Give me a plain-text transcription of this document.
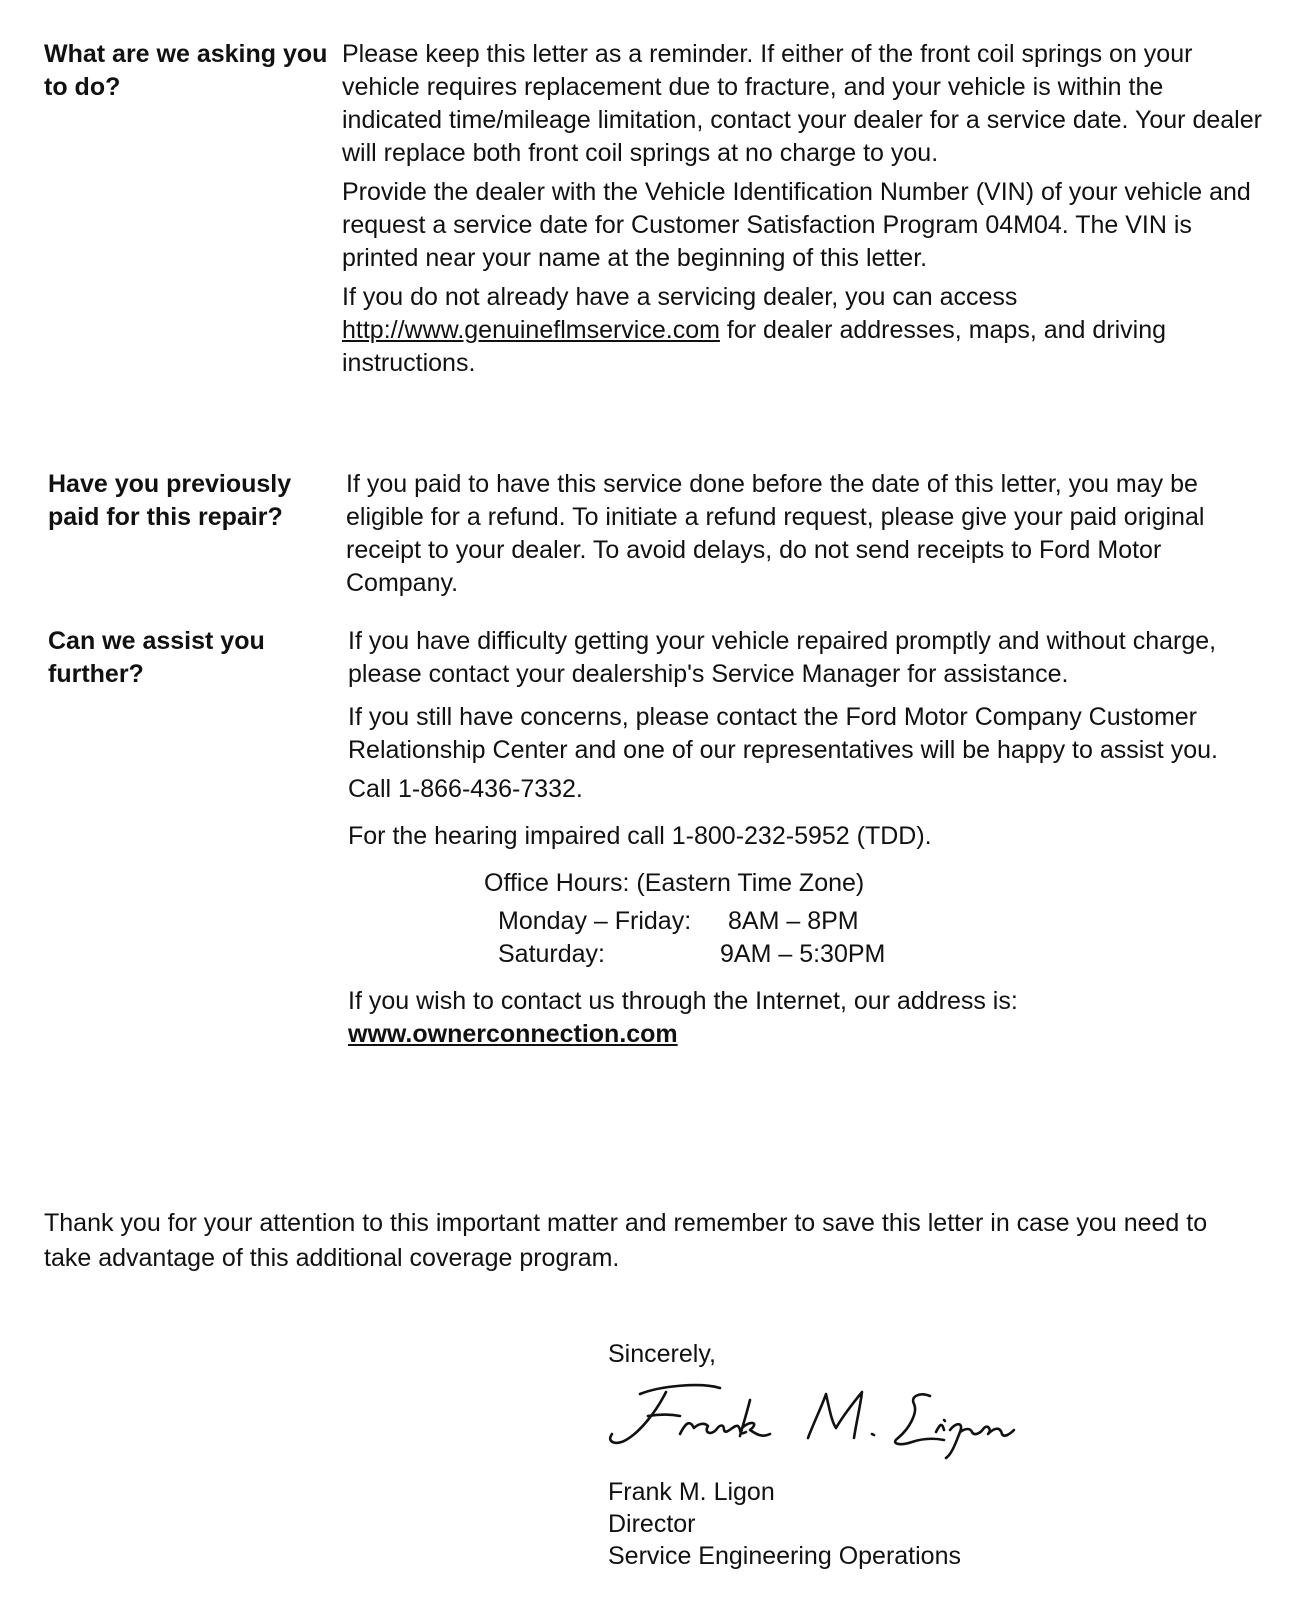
What are we asking you to do?

Please keep this letter as a reminder. If either of the front coil springs on your vehicle requires replacement due to fracture, and your vehicle is within the indicated time/mileage limitation, contact your dealer for a service date. Your dealer will replace both front coil springs at no charge to you.

Provide the dealer with the Vehicle Identification Number (VIN) of your vehicle and request a service date for Customer Satisfaction Program 04M04. The VIN is printed near your name at the beginning of this letter.

If you do not already have a servicing dealer, you can access http://www.genuineflmservice.com for dealer addresses, maps, and driving instructions.

Have you previously paid for this repair?

If you paid to have this service done before the date of this letter, you may be eligible for a refund. To initiate a refund request, please give your paid original receipt to your dealer. To avoid delays, do not send receipts to Ford Motor Company.

Can we assist you further?

If you have difficulty getting your vehicle repaired promptly and without charge, please contact your dealership's Service Manager for assistance.

If you still have concerns, please contact the Ford Motor Company Customer Relationship Center and one of our representatives will be happy to assist you.

Call 1-866-436-7332.

For the hearing impaired call 1-800-232-5952 (TDD).

Office Hours: (Eastern Time Zone)
Monday – Friday: 8AM – 8PM
Saturday:	9AM – 5:30PM

If you wish to contact us through the Internet, our address is:

www.ownerconnection.com

Thank you for your attention to this important matter and remember to save this letter in case you need to take advantage of this additional coverage program.
Sincerely,
Frank M. Ligon
Director
Service Engineering Operations
